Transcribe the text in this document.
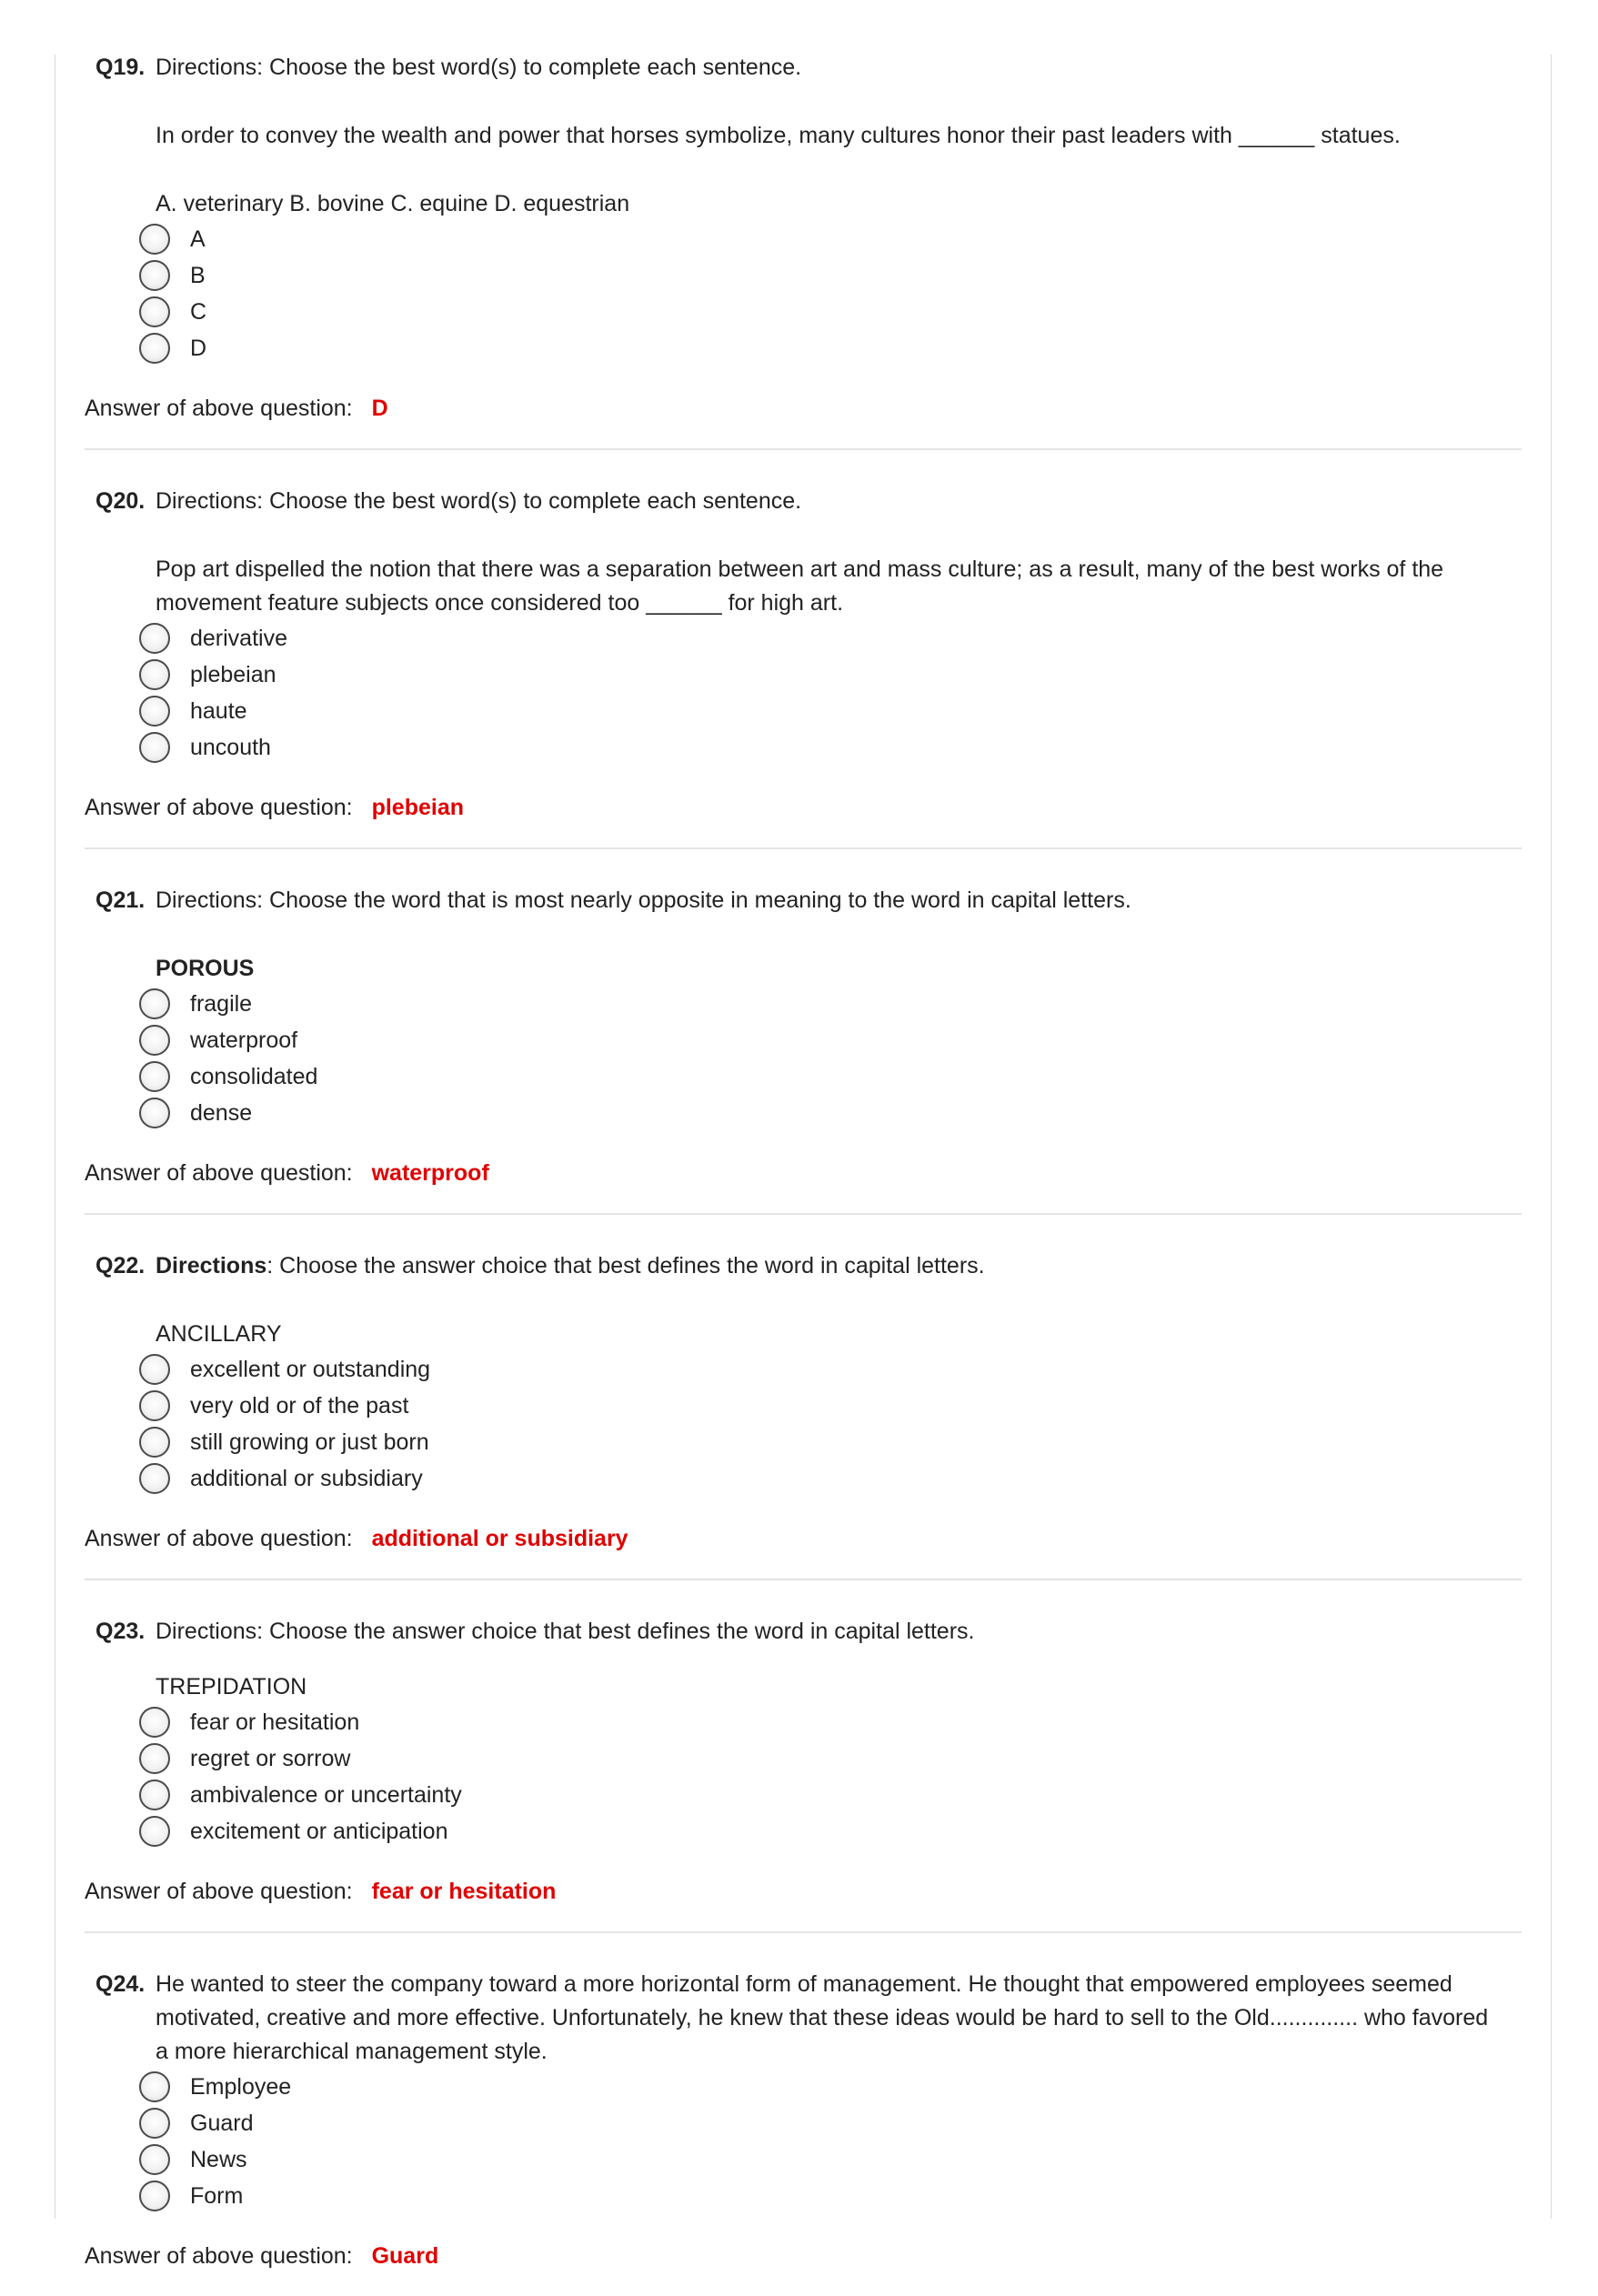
Q19. Directions: Choose the best word(s) to complete each sentence.
In order to convey the wealth and power that horses symbolize, many cultures honor their past leaders with ______ statues.
A. veterinary B. bovine C. equine D. equestrian
A
B
C
D
Answer of above question: D
Q20. Directions: Choose the best word(s) to complete each sentence.
Pop art dispelled the notion that there was a separation between art and mass culture; as a result, many of the best works of the movement feature subjects once considered too ______ for high art.
derivative
plebeian
haute
uncouth
Answer of above question: plebeian
Q21. Directions: Choose the word that is most nearly opposite in meaning to the word in capital letters.
POROUS
fragile
waterproof
consolidated
dense
Answer of above question: waterproof
Q22. Directions: Choose the answer choice that best defines the word in capital letters.
ANCILLARY
excellent or outstanding
very old or of the past
still growing or just born
additional or subsidiary
Answer of above question: additional or subsidiary
Q23. Directions: Choose the answer choice that best defines the word in capital letters.
TREPIDATION
fear or hesitation
regret or sorrow
ambivalence or uncertainty
excitement or anticipation
Answer of above question: fear or hesitation
Q24. He wanted to steer the company toward a more horizontal form of management. He thought that empowered employees seemed motivated, creative and more effective. Unfortunately, he knew that these ideas would be hard to sell to the Old.............. who favored a more hierarchical management style.
Employee
Guard
News
Form
Answer of above question: Guard
